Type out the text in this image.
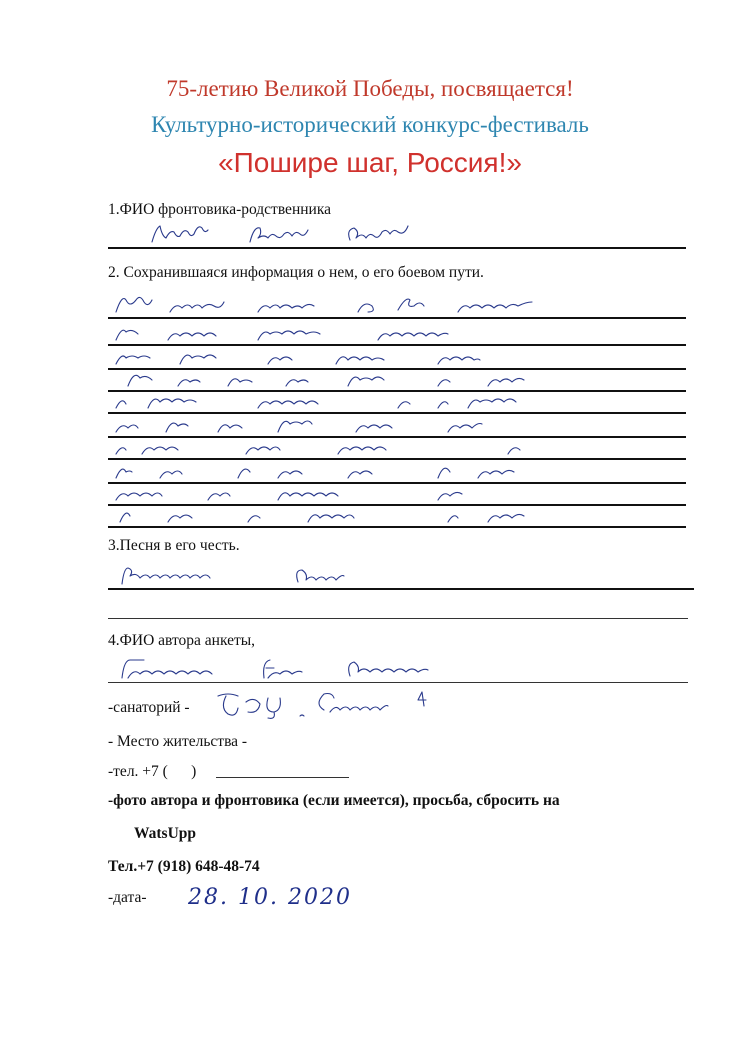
75-летию Великой Победы, посвящается!
Культурно-исторический конкурс-фестиваль
«Пошире шаг, Россия!»
1.ФИО фронтовика-родственника
2. Сохранившаяся информация о нем, о его боевом пути.
3.Песня в его честь.
4.ФИО автора анкеты,
-санаторий -
- Место жительства -
-тел. +7 (      )
-фото автора и фронтовика (если имеется), просьба, сбросить на
WatsUpp
Тел.+7 (918) 648-48-74
-дата- 28. 10. 2020
